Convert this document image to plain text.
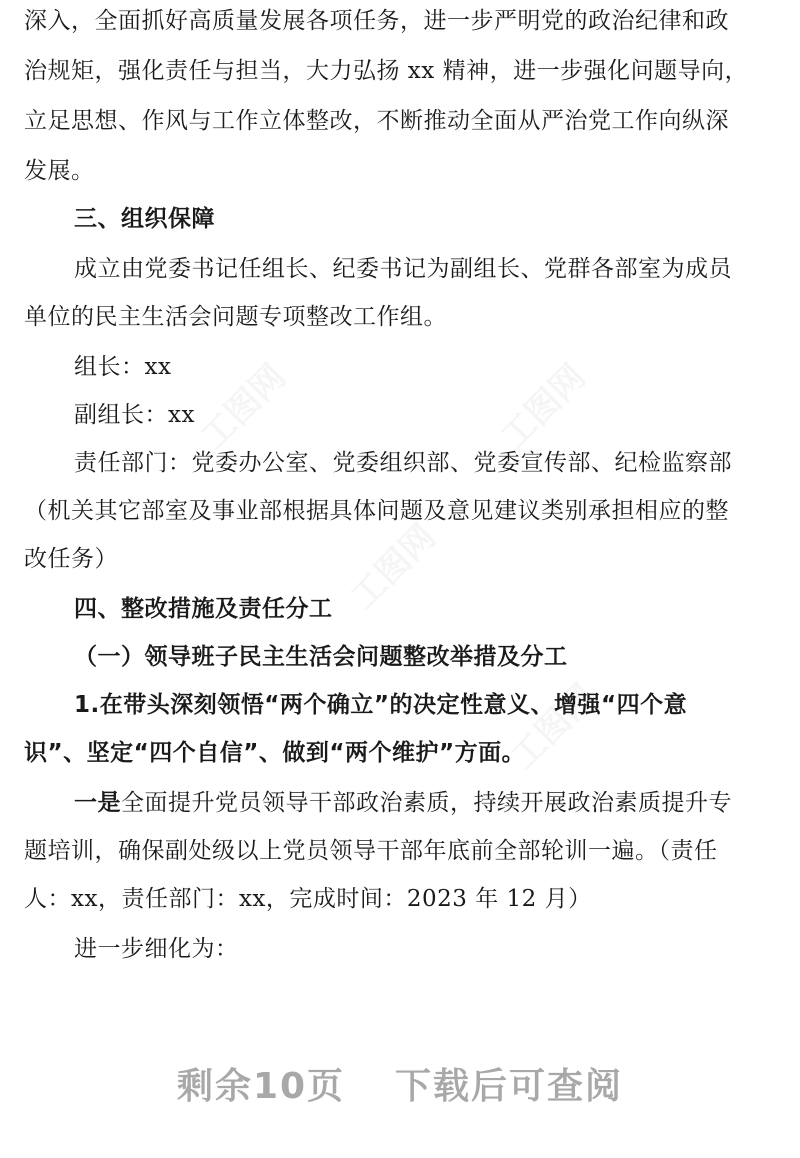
工图网	工图网
工图网
工图网
深入，全面抓好高质量发展各项任务，进一步严明党的政治纪律和政
治规矩，强化责任与担当，大力弘扬 xx 精神，进一步强化问题导向，
立足思想、作风与工作立体整改，不断推动全面从严治党工作向纵深
发展。
三、组织保障
成立由党委书记任组长、纪委书记为副组长、党群各部室为成员
单位的民主生活会问题专项整改工作组。
组长：xx
副组长：xx
责任部门：党委办公室、党委组织部、党委宣传部、纪检监察部
（机关其它部室及事业部根据具体问题及意见建议类别承担相应的整
改任务）
四、整改措施及责任分工
（一）领导班子民主生活会问题整改举措及分工
1.在带头深刻领悟“两个确立”的决定性意义、增强“四个意
识”、坚定“四个自信”、做到“两个维护”方面。
一是全面提升党员领导干部政治素质，持续开展政治素质提升专
题培训，确保副处级以上党员领导干部年底前全部轮训一遍。（责任
人：xx，责任部门：xx，完成时间：2023 年 12 月）
进一步细化为：
剩余10页 下载后可查阅
